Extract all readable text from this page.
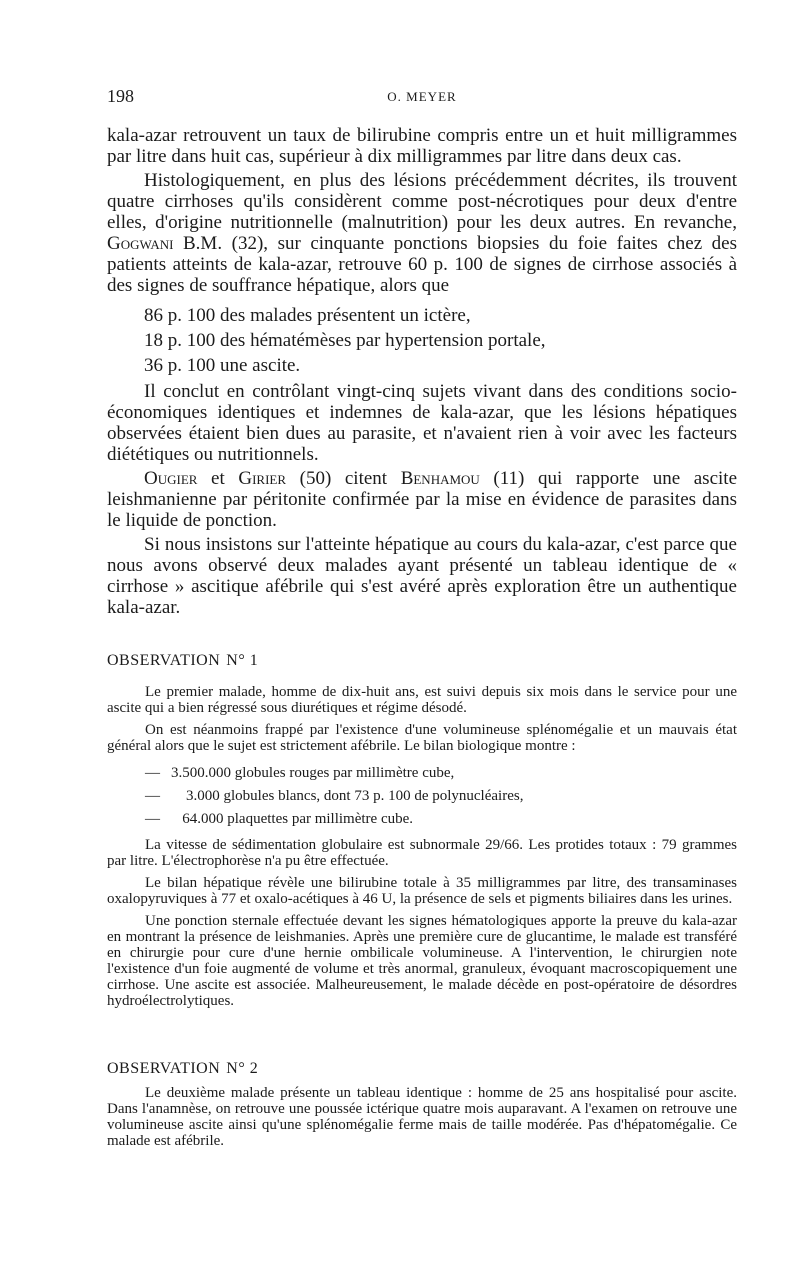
198	O. MEYER

kala-azar retrouvent un taux de bilirubine compris entre un et huit milligrammes par litre dans huit cas, supérieur à dix milligrammes par litre dans deux cas.

Histologiquement, en plus des lésions précédemment décrites, ils trouvent quatre cirrhoses qu'ils considèrent comme post-nécrotiques pour deux d'entre elles, d'origine nutritionnelle (malnutrition) pour les deux autres. En revanche, Gogwani B.M. (32), sur cinquante ponctions biopsies du foie faites chez des patients atteints de kala-azar, retrouve 60 p. 100 de signes de cirrhose associés à des signes de souffrance hépatique, alors que

86 p. 100 des malades présentent un ictère,
18 p. 100 des hématémèses par hypertension portale,
36 p. 100 une ascite.

Il conclut en contrôlant vingt-cinq sujets vivant dans des conditions socio-économiques identiques et indemnes de kala-azar, que les lésions hépatiques observées étaient bien dues au parasite, et n'avaient rien à voir avec les facteurs diététiques ou nutritionnels.

Ougier et Girier (50) citent Benhamou (11) qui rapporte une ascite leishmanienne par péritonite confirmée par la mise en évidence de parasites dans le liquide de ponction.

Si nous insistons sur l'atteinte hépatique au cours du kala-azar, c'est parce que nous avons observé deux malades ayant présenté un tableau identique de « cirrhose » ascitique afébrile qui s'est avéré après exploration être un authentique kala-azar.

OBSERVATION N° 1

Le premier malade, homme de dix-huit ans, est suivi depuis six mois dans le service pour une ascite qui a bien régressé sous diurétiques et régime désodé.

On est néanmoins frappé par l'existence d'une volumineuse splénomégalie et un mauvais état général alors que le sujet est strictement afébrile. Le bilan biologique montre :

— 3.500.000 globules rouges par millimètre cube,
—    3.000 globules blancs, dont 73 p. 100 de polynucléaires,
—   64.000 plaquettes par millimètre cube.

La vitesse de sédimentation globulaire est subnormale 29/66. Les protides totaux : 79 grammes par litre. L'électrophorèse n'a pu être effectuée.

Le bilan hépatique révèle une bilirubine totale à 35 milligrammes par litre, des transaminases oxalopyruviques à 77 et oxalo-acétiques à 46 U, la présence de sels et pigments biliaires dans les urines.

Une ponction sternale effectuée devant les signes hématologiques apporte la preuve du kala-azar en montrant la présence de leishmanies. Après une première cure de glucantime, le malade est transféré en chirurgie pour cure d'une hernie ombilicale volumineuse. A l'intervention, le chirurgien note l'existence d'un foie augmenté de volume et très anormal, granuleux, évoquant macroscopiquement une cirrhose. Une ascite est associée. Malheureusement, le malade décède en post-opératoire de désordres hydroélectrolytiques.

OBSERVATION N° 2

Le deuxième malade présente un tableau identique : homme de 25 ans hospitalisé pour ascite. Dans l'anamnèse, on retrouve une poussée ictérique quatre mois auparavant. A l'examen on retrouve une volumineuse ascite ainsi qu'une splénomégalie ferme mais de taille modérée. Pas d'hépatomégalie. Ce malade est afébrile.
